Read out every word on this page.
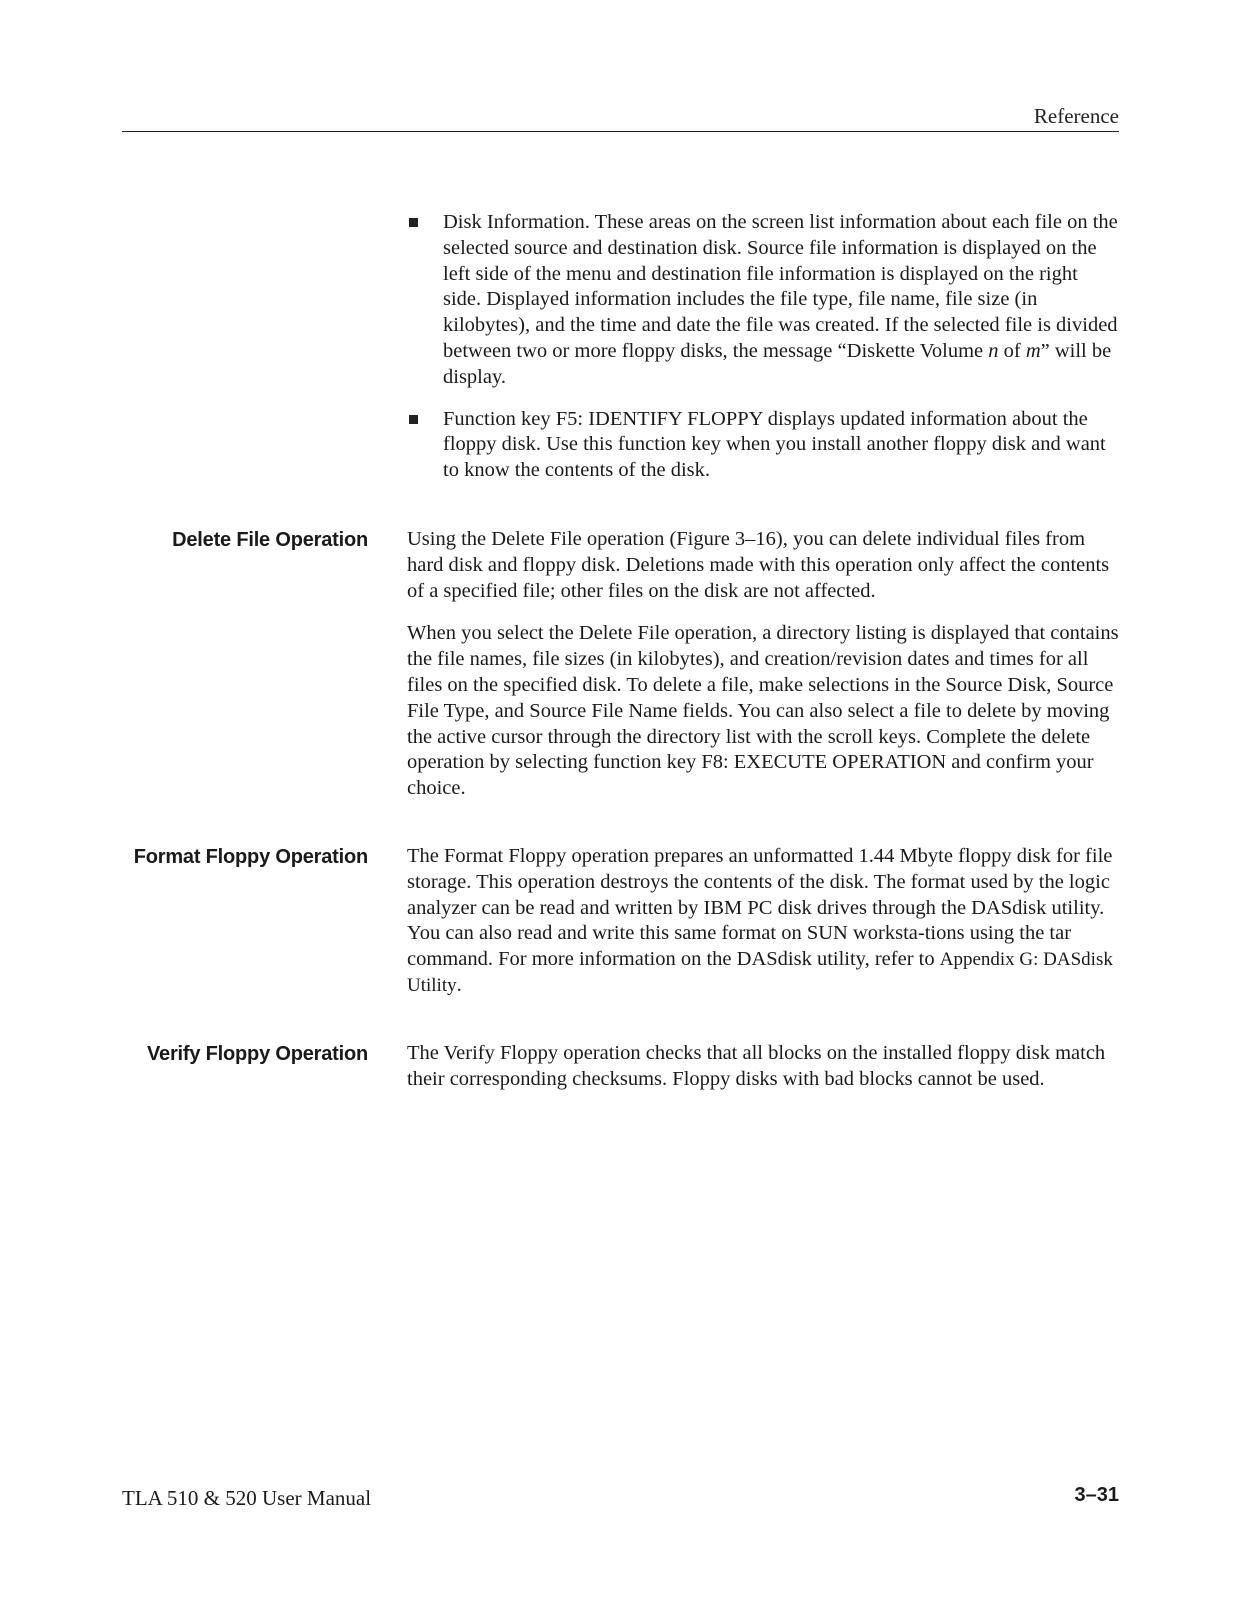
Reference
Disk Information. These areas on the screen list information about each file on the selected source and destination disk. Source file information is displayed on the left side of the menu and destination file information is displayed on the right side. Displayed information includes the file type, file name, file size (in kilobytes), and the time and date the file was created. If the selected file is divided between two or more floppy disks, the message “Diskette Volume n of m” will be display.
Function key F5: IDENTIFY FLOPPY displays updated information about the floppy disk. Use this function key when you install another floppy disk and want to know the contents of the disk.
Delete File Operation Using the Delete File operation (Figure 3–16), you can delete individual files from hard disk and floppy disk. Deletions made with this operation only affect the contents of a specified file; other files on the disk are not affected.

When you select the Delete File operation, a directory listing is displayed that contains the file names, file sizes (in kilobytes), and creation/revision dates and times for all files on the specified disk. To delete a file, make selections in the Source Disk, Source File Type, and Source File Name fields. You can also select a file to delete by moving the active cursor through the directory list with the scroll keys. Complete the delete operation by selecting function key F8: EXECUTE OPERATION and confirm your choice.

Format Floppy Operation The Format Floppy operation prepares an unformatted 1.44 Mbyte floppy disk for file storage. This operation destroys the contents of the disk. The format used by the logic analyzer can be read and written by IBM PC disk drives through the DASdisk utility. You can also read and write this same format on SUN worksta-tions using the tar command. For more information on the DASdisk utility, refer to Appendix G: DASdisk Utility.

Verify Floppy Operation The Verify Floppy operation checks that all blocks on the installed floppy disk match their corresponding checksums. Floppy disks with bad blocks cannot be used.

TLA 510 & 520 User Manual	3–31
